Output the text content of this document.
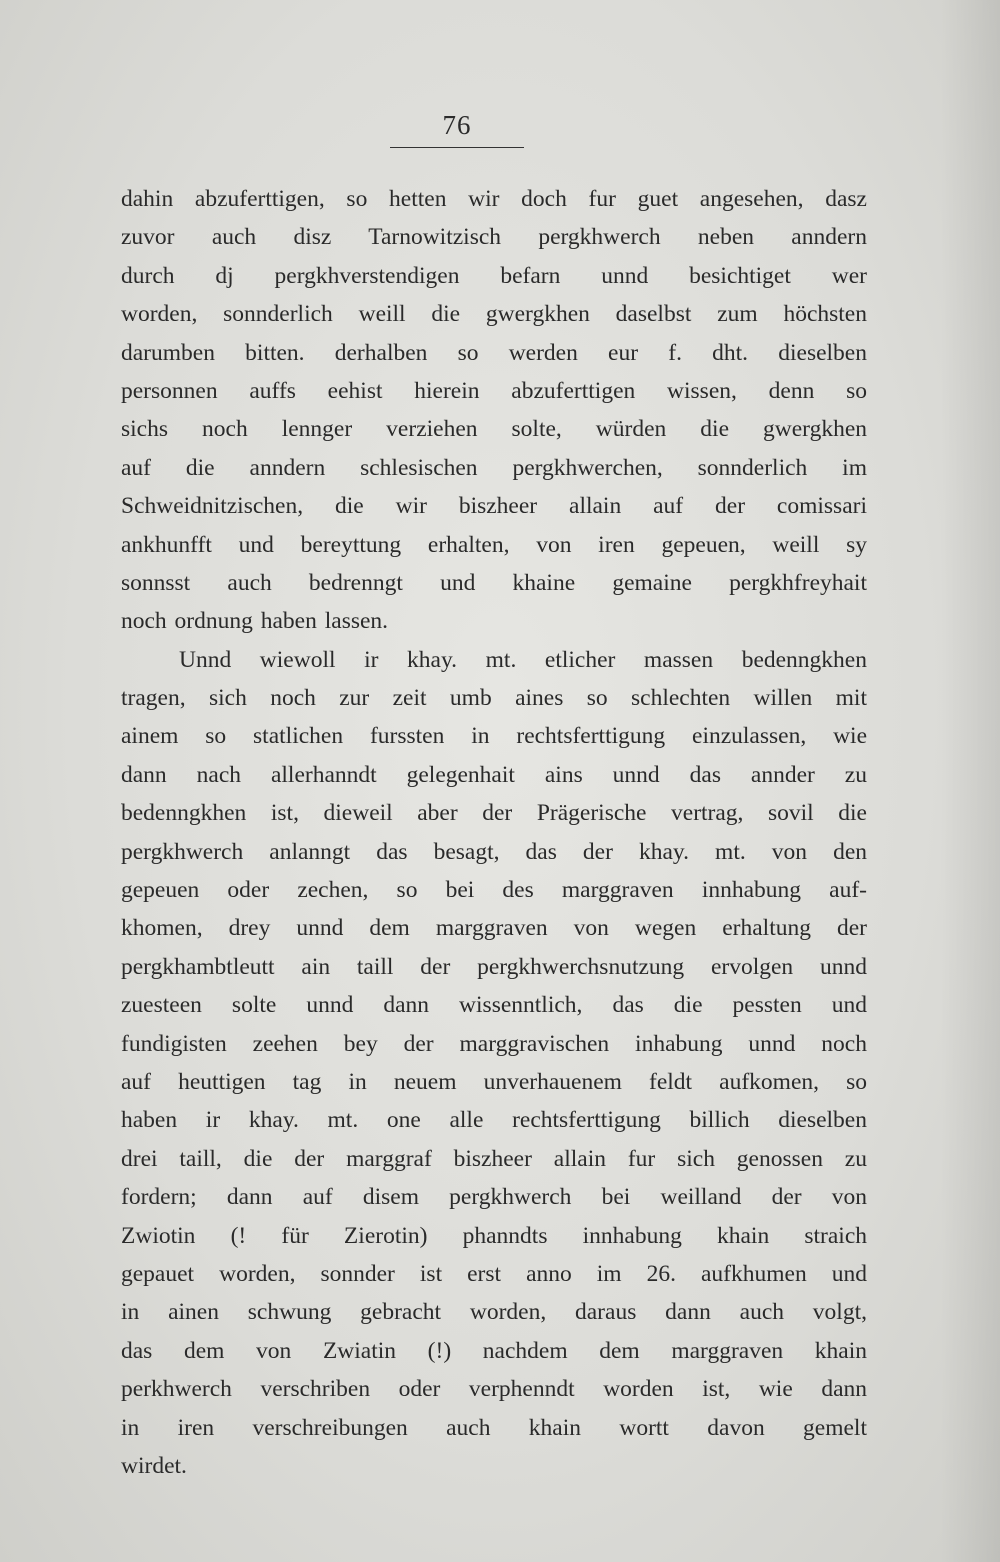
76
dahin abzuferttigen, so hetten wir doch fur guet angesehen, dasz
zuvor auch disz Tarnowitzisch pergkhwerch neben anndern
durch dj pergkhverstendigen befarn unnd besichtiget wer
worden, sonnderlich weill die gwergkhen daselbst zum höchsten
darumben bitten. derhalben so werden eur f. dht. dieselben
personnen auffs eehist hierein abzuferttigen wissen, denn so
sichs noch lennger verziehen solte, würden die gwergkhen
auf die anndern schlesischen pergkhwerchen, sonnderlich im
Schweidnitzischen, die wir biszheer allain auf der comissari
ankhunfft und bereyttung erhalten, von iren gepeuen, weill sy
sonnsst auch bedrenngt und khaine gemaine pergkhfreyhait
noch ordnung haben lassen.
Unnd wiewoll ir khay. mt. etlicher massen bedenngkhen
tragen, sich noch zur zeit umb aines so schlechten willen mit
ainem so statlichen furssten in rechtsferttigung einzulassen, wie
dann nach allerhanndt gelegenhait ains unnd das annder zu
bedenngkhen ist, dieweil aber der Prägerische vertrag, sovil die
pergkhwerch anlanngt das besagt, das der khay. mt. von den
gepeuen oder zechen, so bei des marggraven innhabung auf-
khomen, drey unnd dem marggraven von wegen erhaltung der
pergkhambtleutt ain taill der pergkhwerchsnutzung ervolgen unnd
zuesteen solte unnd dann wissenntlich, das die pessten und
fundigisten zeehen bey der marggravischen inhabung unnd noch
auf heuttigen tag in neuem unverhauenem feldt aufkomen, so
haben ir khay. mt. one alle rechtsferttigung billich dieselben
drei taill, die der marggraf biszheer allain fur sich genossen zu
fordern; dann auf disem pergkhwerch bei weilland der von
Zwiotin (! für Zierotin) phanndts innhabung khain straich
gepauet worden, sonnder ist erst anno im 26. aufkhumen und
in ainen schwung gebracht worden, daraus dann auch volgt,
das dem von Zwiatin (!) nachdem dem marggraven khain
perkhwerch verschriben oder verphenndt worden ist, wie dann
in iren verschreibungen auch khain wortt davon gemelt
wirdet.
